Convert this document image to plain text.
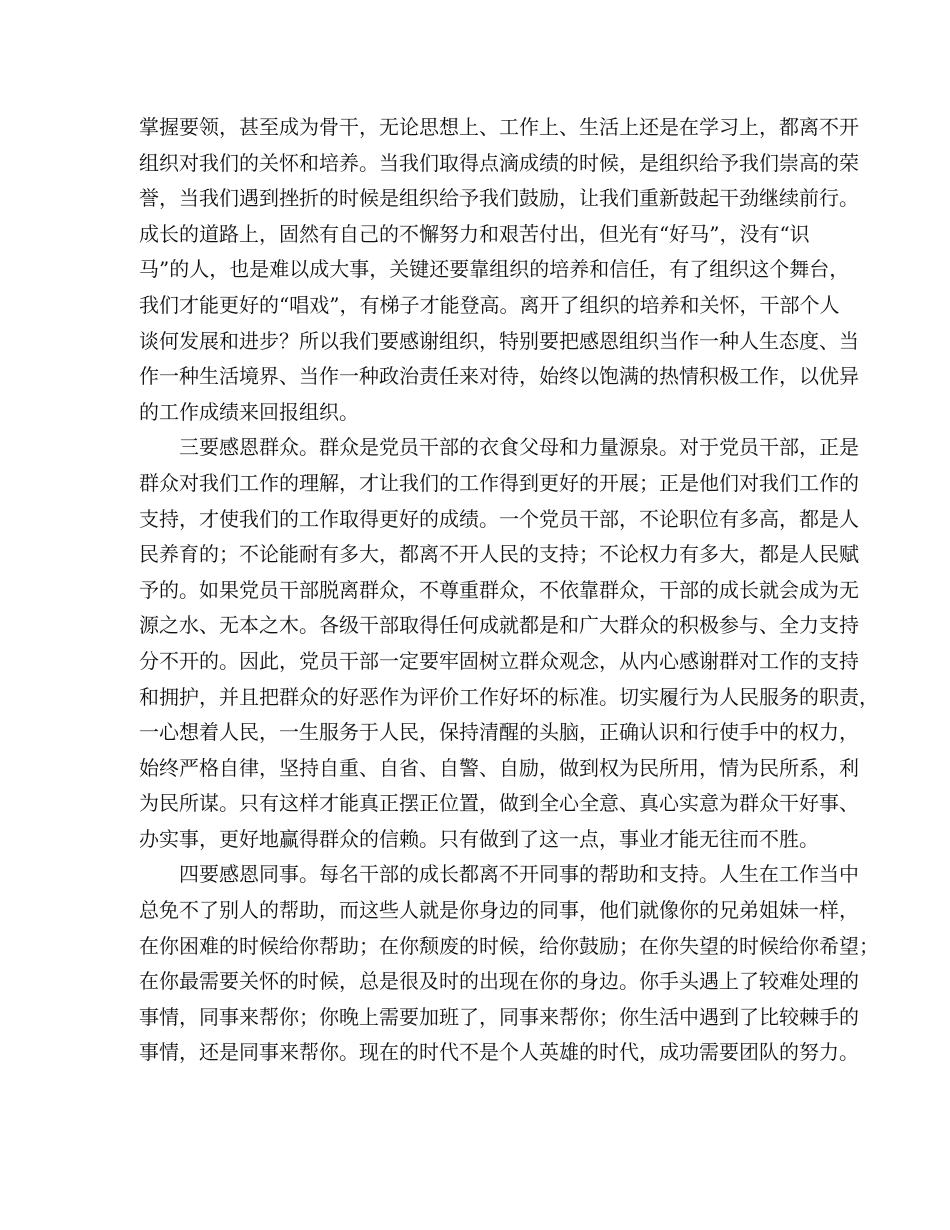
掌握要领，甚至成为骨干，无论思想上、工作上、生活上还是在学习上，都离不开
组织对我们的关怀和培养。当我们取得点滴成绩的时候，是组织给予我们崇高的荣
誉，当我们遇到挫折的时候是组织给予我们鼓励，让我们重新鼓起干劲继续前行。
成长的道路上，固然有自己的不懈努力和艰苦付出，但光有“好马”，没有“识
马”的人，也是难以成大事，关键还要靠组织的培养和信任，有了组织这个舞台，
我们才能更好的“唱戏”，有梯子才能登高。离开了组织的培养和关怀，干部个人
谈何发展和进步？所以我们要感谢组织，特别要把感恩组织当作一种人生态度、当
作一种生活境界、当作一种政治责任来对待，始终以饱满的热情积极工作，以优异
的工作成绩来回报组织。
三要感恩群众。群众是党员干部的衣食父母和力量源泉。对于党员干部，正是
群众对我们工作的理解，才让我们的工作得到更好的开展；正是他们对我们工作的
支持，才使我们的工作取得更好的成绩。一个党员干部，不论职位有多高，都是人
民养育的；不论能耐有多大，都离不开人民的支持；不论权力有多大，都是人民赋
予的。如果党员干部脱离群众，不尊重群众，不依靠群众，干部的成长就会成为无
源之水、无本之木。各级干部取得任何成就都是和广大群众的积极参与、全力支持
分不开的。因此，党员干部一定要牢固树立群众观念，从内心感谢群对工作的支持
和拥护，并且把群众的好恶作为评价工作好坏的标准。切实履行为人民服务的职责，
一心想着人民，一生服务于人民，保持清醒的头脑，正确认识和行使手中的权力，
始终严格自律，坚持自重、自省、自警、自励，做到权为民所用，情为民所系，利
为民所谋。只有这样才能真正摆正位置，做到全心全意、真心实意为群众干好事、
办实事，更好地赢得群众的信赖。只有做到了这一点，事业才能无往而不胜。
四要感恩同事。每名干部的成长都离不开同事的帮助和支持。人生在工作当中
总免不了别人的帮助，而这些人就是你身边的同事，他们就像你的兄弟姐妹一样，
在你困难的时候给你帮助；在你颓废的时候，给你鼓励；在你失望的时候给你希望；
在你最需要关怀的时候，总是很及时的出现在你的身边。你手头遇上了较难处理的
事情，同事来帮你；你晚上需要加班了，同事来帮你；你生活中遇到了比较棘手的
事情，还是同事来帮你。现在的时代不是个人英雄的时代，成功需要团队的努力。
